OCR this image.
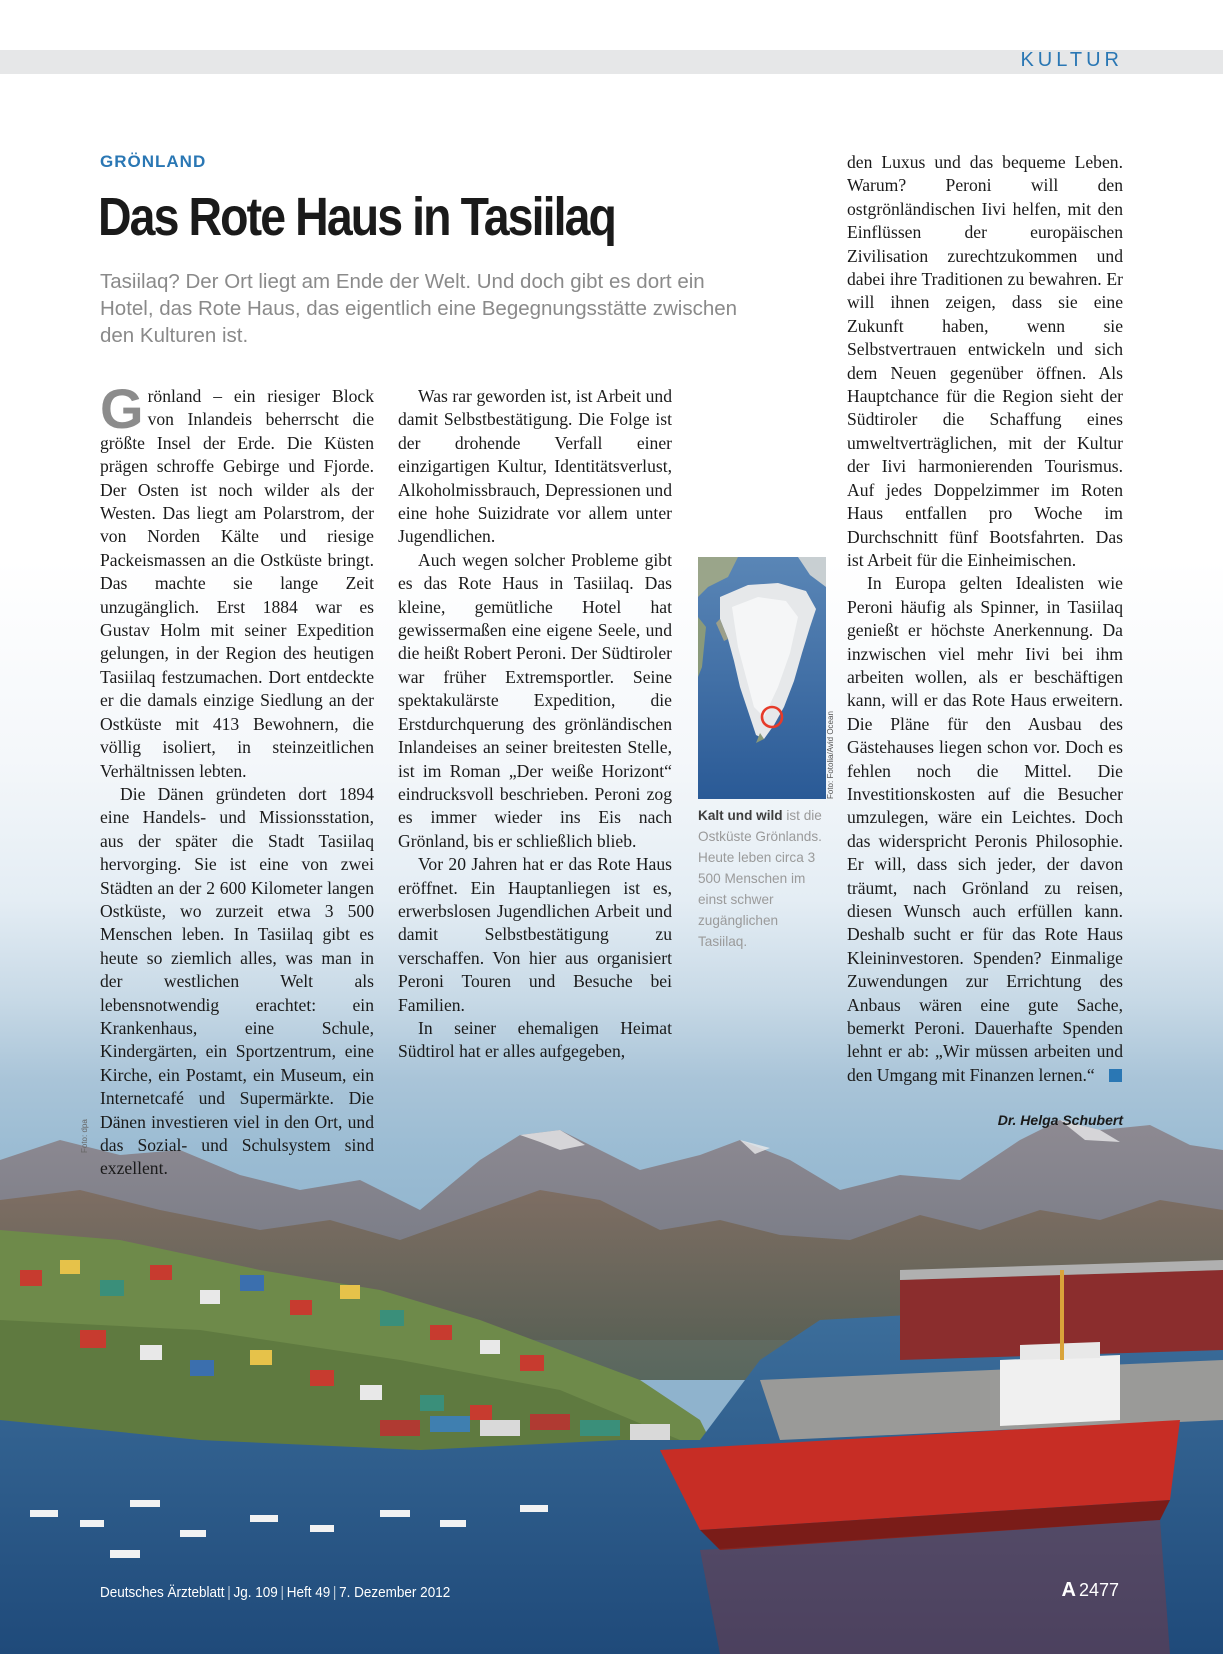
KULTUR
GRÖNLAND
Das Rote Haus in Tasiilaq

Tasiilaq? Der Ort liegt am Ende der Welt. Und doch gibt es dort ein Hotel, das Rote Haus, das eigentlich eine Begegnungsstätte zwischen den Kulturen ist.

Grönland – ein riesiger Block von Inlandeis beherrscht die größte Insel der Erde. Die Küsten prägen schroffe Gebirge und Fjorde. Der Osten ist noch wilder als der Westen. Das liegt am Polarstrom, der von Norden Kälte und riesige Packeismassen an die Ostküste bringt. Das machte sie lange Zeit unzugänglich. Erst 1884 war es Gustav Holm mit seiner Expedition gelungen, in der Region des heutigen Tasiilaq festzumachen. Dort entdeckte er die damals einzige Siedlung an der Ostküste mit 413 Bewohnern, die völlig isoliert, in steinzeitlichen Verhältnissen lebten.

Die Dänen gründeten dort 1894 eine Handels- und Missionsstation, aus der später die Stadt Tasiilaq hervorging. Sie ist eine von zwei Städten an der 2 600 Kilometer langen Ostküste, wo zurzeit etwa 3 500 Menschen leben. In Tasiilaq gibt es heute so ziemlich alles, was man in der westlichen Welt als lebensnotwendig erachtet: ein Krankenhaus, eine Schule, Kindergärten, ein Sportzentrum, eine Kirche, ein Postamt, ein Museum, ein Internetcafé und Supermärkte. Die Dänen investieren viel in den Ort, und das Sozial- und Schulsystem sind exzellent.

Was rar geworden ist, ist Arbeit und damit Selbstbestätigung. Die Folge ist der drohende Verfall einer einzigartigen Kultur, Identitätsverlust, Alkoholmissbrauch, Depressionen und eine hohe Suizidrate vor allem unter Jugendlichen.

Auch wegen solcher Probleme gibt es das Rote Haus in Tasiilaq. Das kleine, gemütliche Hotel hat gewissermaßen eine eigene Seele, und die heißt Robert Peroni. Der Südtiroler war früher Extremsportler. Seine spektakulärste Expedition, die Erstdurchquerung des grönländischen Inlandeises an seiner breitesten Stelle, ist im Roman „Der weiße Horizont“ eindrucksvoll beschrieben. Peroni zog es immer wieder ins Eis nach Grönland, bis er schließlich blieb.

Vor 20 Jahren hat er das Rote Haus eröffnet. Ein Hauptanliegen ist es, erwerbslosen Jugendlichen Arbeit und damit Selbstbestätigung zu verschaffen. Von hier aus organisiert Peroni Touren und Besuche bei Familien.

In seiner ehemaligen Heimat Südtirol hat er alles aufgegeben,

Foto: Fotolia/Avid Ocean

Kalt und wild ist die Ostküste Grönlands. Heute leben circa 3 500 Menschen im einst schwer zugänglichen Tasiilaq.

den Luxus und das bequeme Leben. Warum? Peroni will den ostgrönländischen Iivi helfen, mit den Einflüssen der europäischen Zivilisation zurechtzukommen und dabei ihre Traditionen zu bewahren. Er will ihnen zeigen, dass sie eine Zukunft haben, wenn sie Selbstvertrauen entwickeln und sich dem Neuen gegenüber öffnen. Als Hauptchance für die Region sieht der Südtiroler die Schaffung eines umweltverträglichen, mit der Kultur der Iivi harmonierenden Tourismus. Auf jedes Doppelzimmer im Roten Haus entfallen pro Woche im Durchschnitt fünf Bootsfahrten. Das ist Arbeit für die Einheimischen.

In Europa gelten Idealisten wie Peroni häufig als Spinner, in Tasiilaq genießt er höchste Anerkennung. Da inzwischen viel mehr Iivi bei ihm arbeiten wollen, als er beschäftigen kann, will er das Rote Haus erweitern. Die Pläne für den Ausbau des Gästehauses liegen schon vor. Doch es fehlen noch die Mittel. Die Investitionskosten auf die Besucher umzulegen, wäre ein Leichtes. Doch das widerspricht Peronis Philosophie. Er will, dass sich jeder, der davon träumt, nach Grönland zu reisen, diesen Wunsch auch erfüllen kann. Deshalb sucht er für das Rote Haus Kleininvestoren. Spenden? Einmalige Zuwendungen zur Errichtung des Anbaus wären eine gute Sache, bemerkt Peroni. Dauerhafte Spenden lehnt er ab: „Wir müssen arbeiten und den Umgang mit Finanzen lernen.“

Dr. Helga Schubert
Foto: dpa
Deutsches Ärzteblatt | Jg. 109 | Heft 49 | 7. Dezember 2012	A 2477
